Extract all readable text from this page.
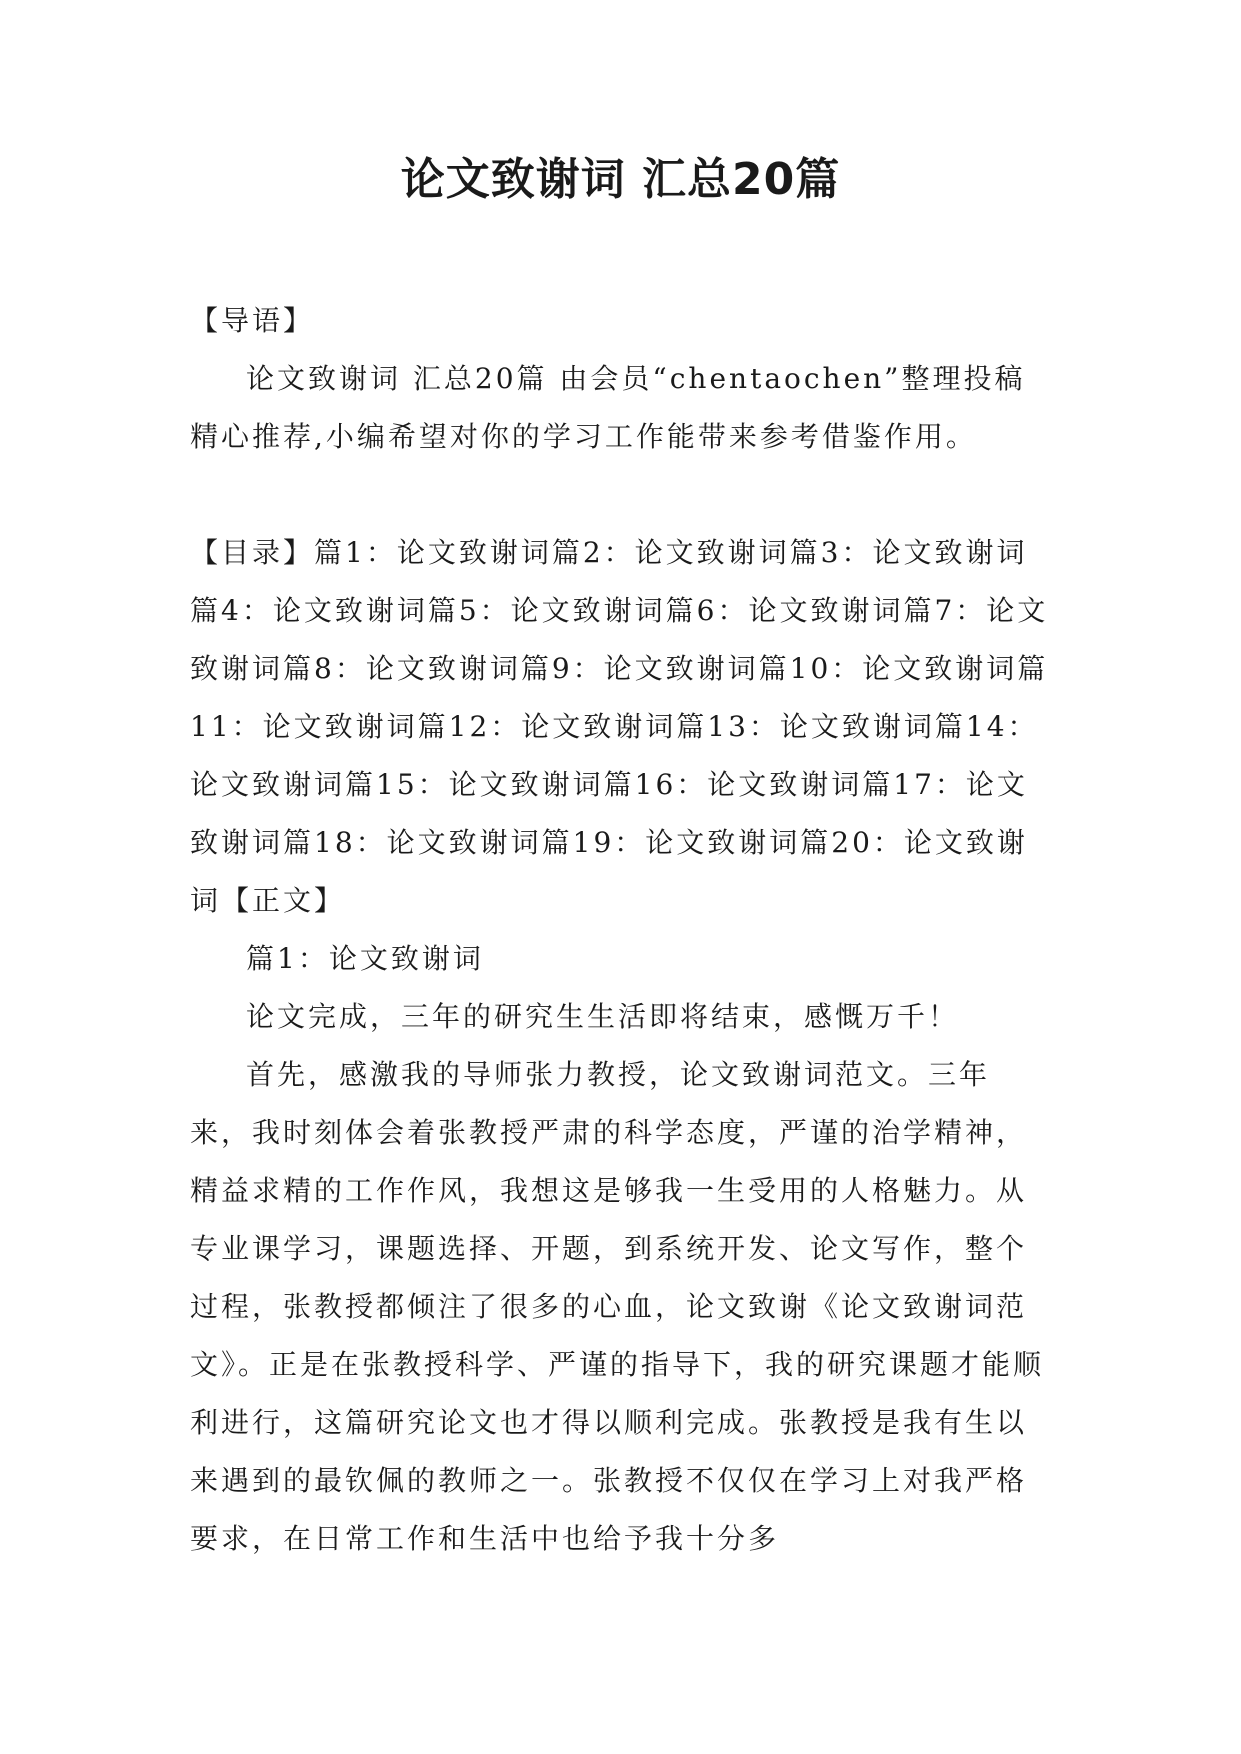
论文致谢词 汇总20篇

【导语】

论文致谢词 汇总20篇 由会员“chentaochen”整理投稿精心推荐,小编希望对你的学习工作能带来参考借鉴作用。

【目录】篇1：论文致谢词篇2：论文致谢词篇3：论文致谢词篇4：论文致谢词篇5：论文致谢词篇6：论文致谢词篇7：论文致谢词篇8：论文致谢词篇9：论文致谢词篇10：论文致谢词篇11：论文致谢词篇12：论文致谢词篇13：论文致谢词篇14：论文致谢词篇15：论文致谢词篇16：论文致谢词篇17：论文致谢词篇18：论文致谢词篇19：论文致谢词篇20：论文致谢词【正文】

篇1：论文致谢词

论文完成，三年的研究生生活即将结束，感慨万千！

首先，感激我的导师张力教授，论文致谢词范文。三年来，我时刻体会着张教授严肃的科学态度，严谨的治学精神，精益求精的工作作风，我想这是够我一生受用的人格魅力。从专业课学习，课题选择、开题，到系统开发、论文写作，整个过程，张教授都倾注了很多的心血，论文致谢《论文致谢词范文》。正是在张教授科学、严谨的指导下，我的研究课题才能顺利进行，这篇研究论文也才得以顺利完成。张教授是我有生以来遇到的最钦佩的教师之一。张教授不仅仅在学习上对我严格要求，在日常工作和生活中也给予我十分多
